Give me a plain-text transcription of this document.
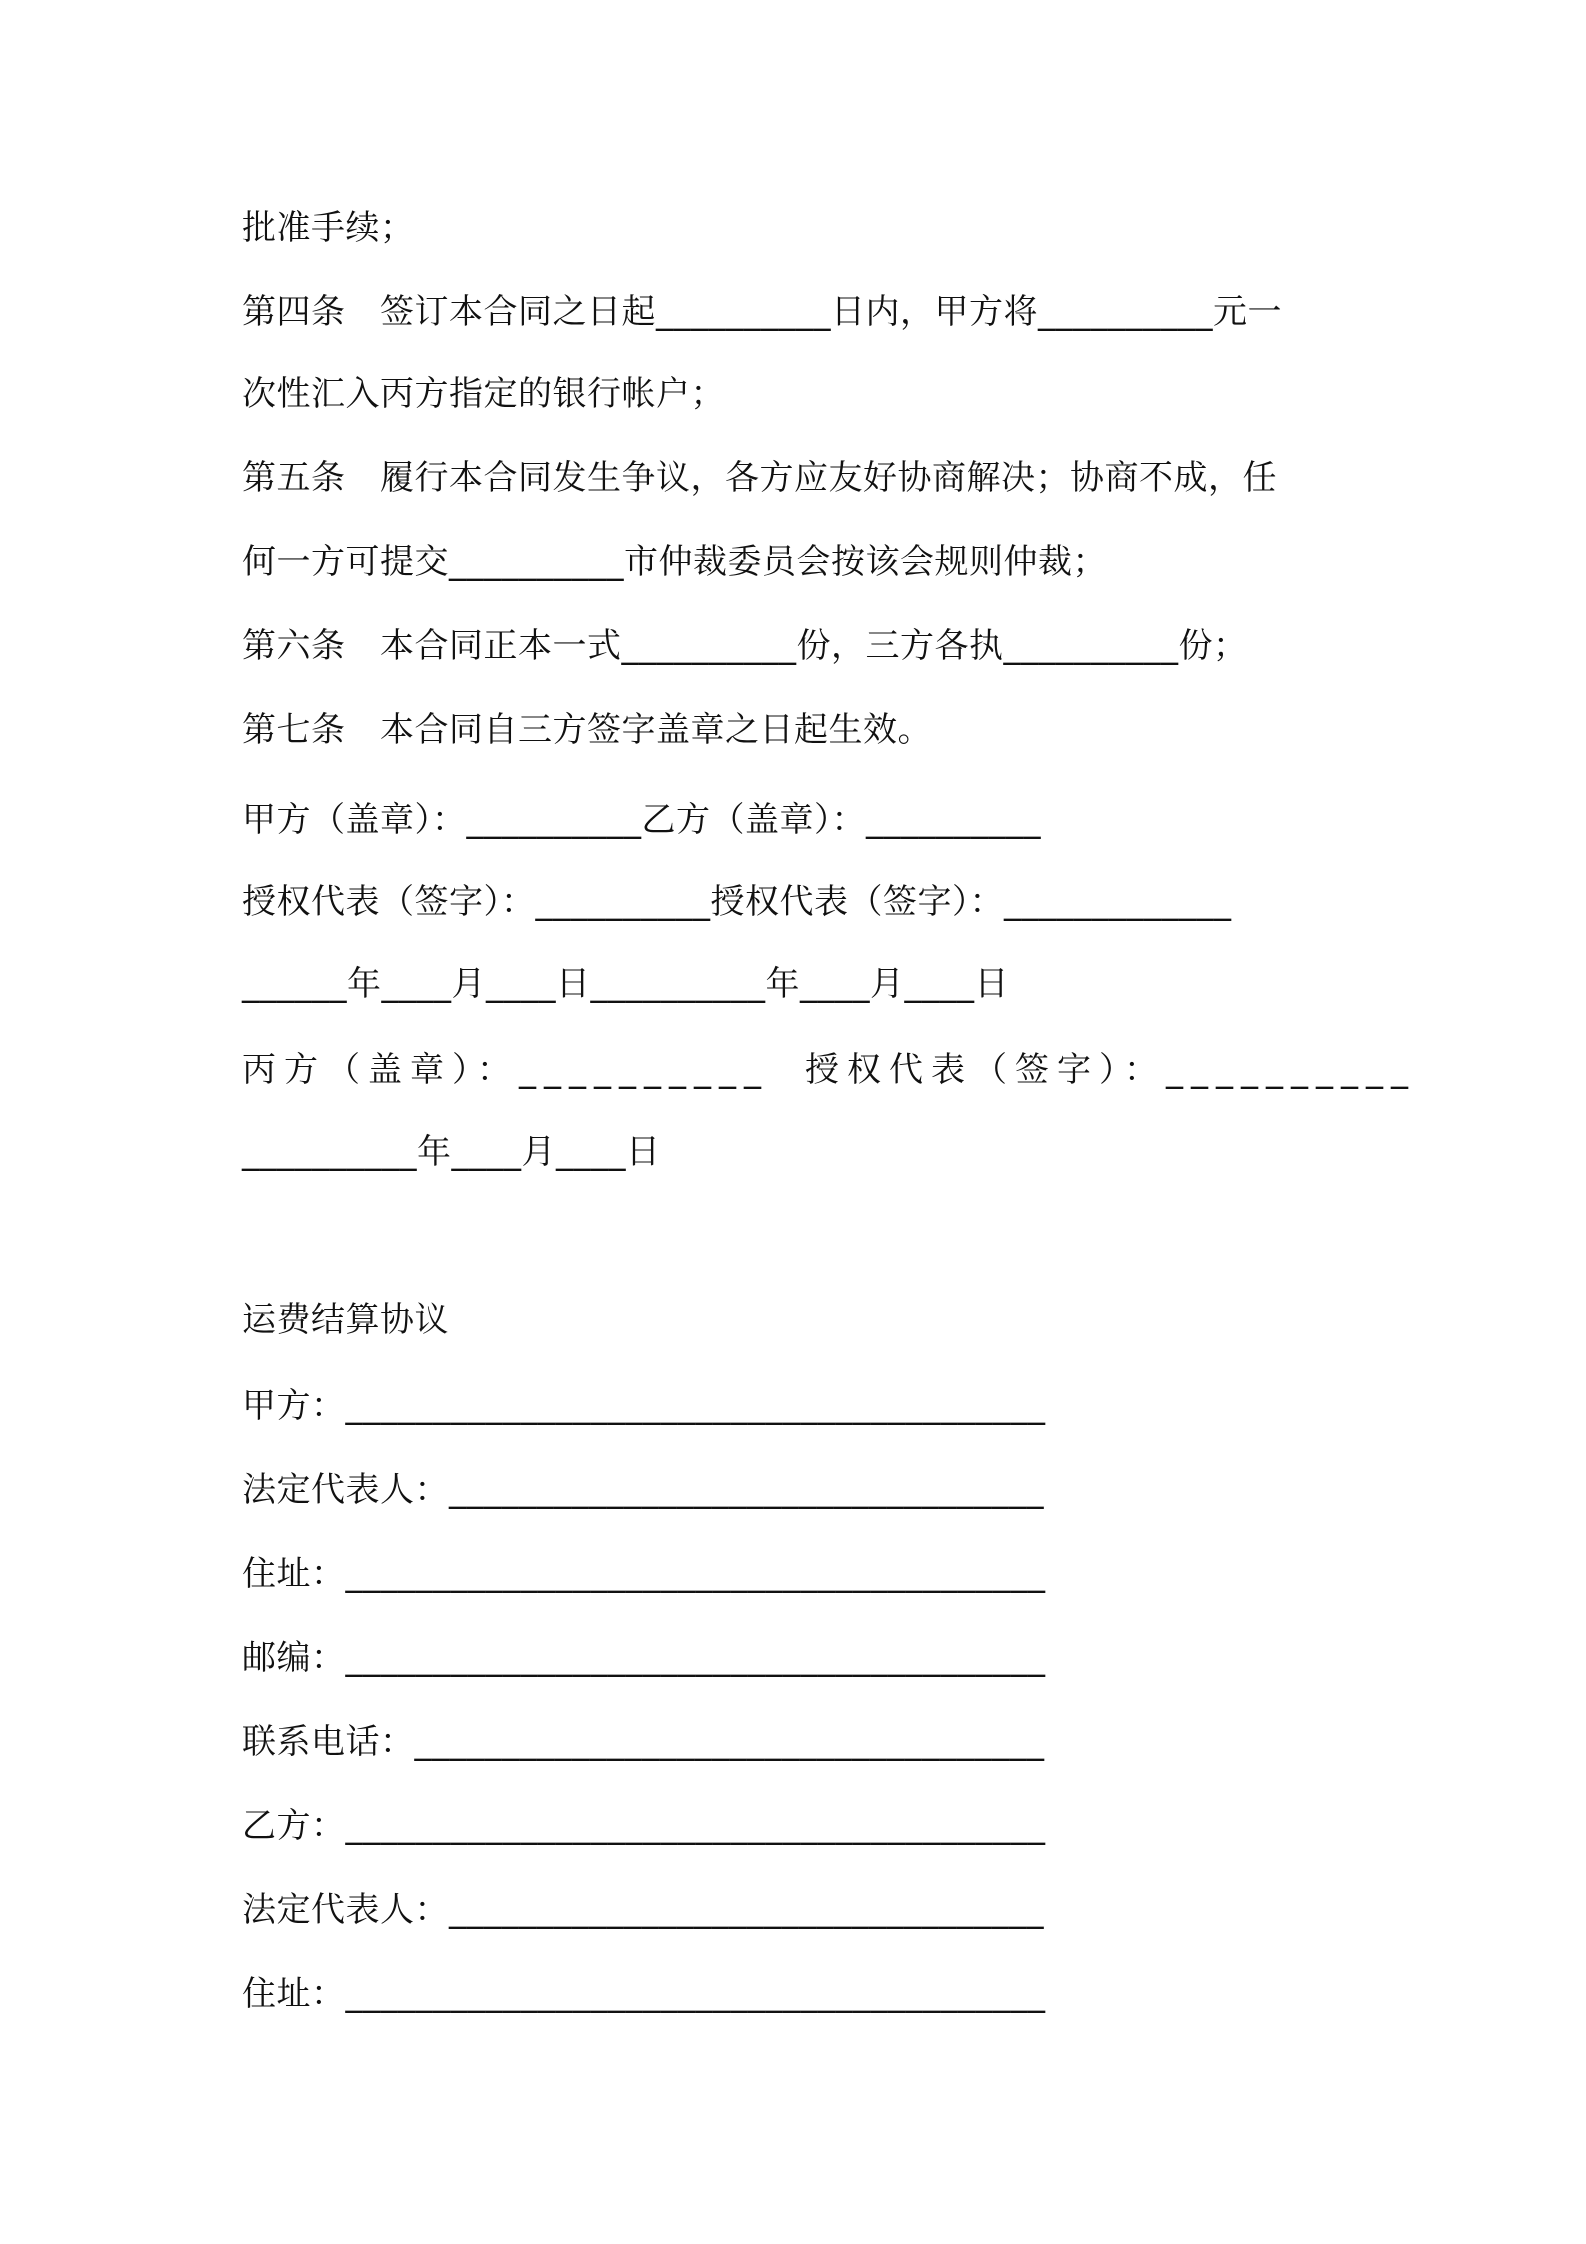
批准手续；
第四条　签订本合同之日起__________日内，甲方将__________元一
次性汇入丙方指定的银行帐户；
第五条　履行本合同发生争议，各方应友好协商解决；协商不成，任
何一方可提交__________市仲裁委员会按该会规则仲裁；
第六条　本合同正本一式__________份，三方各执__________份；
第七条　本合同自三方签字盖章之日起生效。
甲方（盖章）：__________乙方（盖章）：__________
授权代表（签字）：__________授权代表（签字）：_____________
______年____月____日__________年____月____日
丙方（盖章）：__________ 授权代表（签字）：__________
__________年____月____日
运费结算协议
甲方：________________________________________
法定代表人：__________________________________
住址：________________________________________
邮编：________________________________________
联系电话：____________________________________
乙方：________________________________________
法定代表人：__________________________________
住址：________________________________________
